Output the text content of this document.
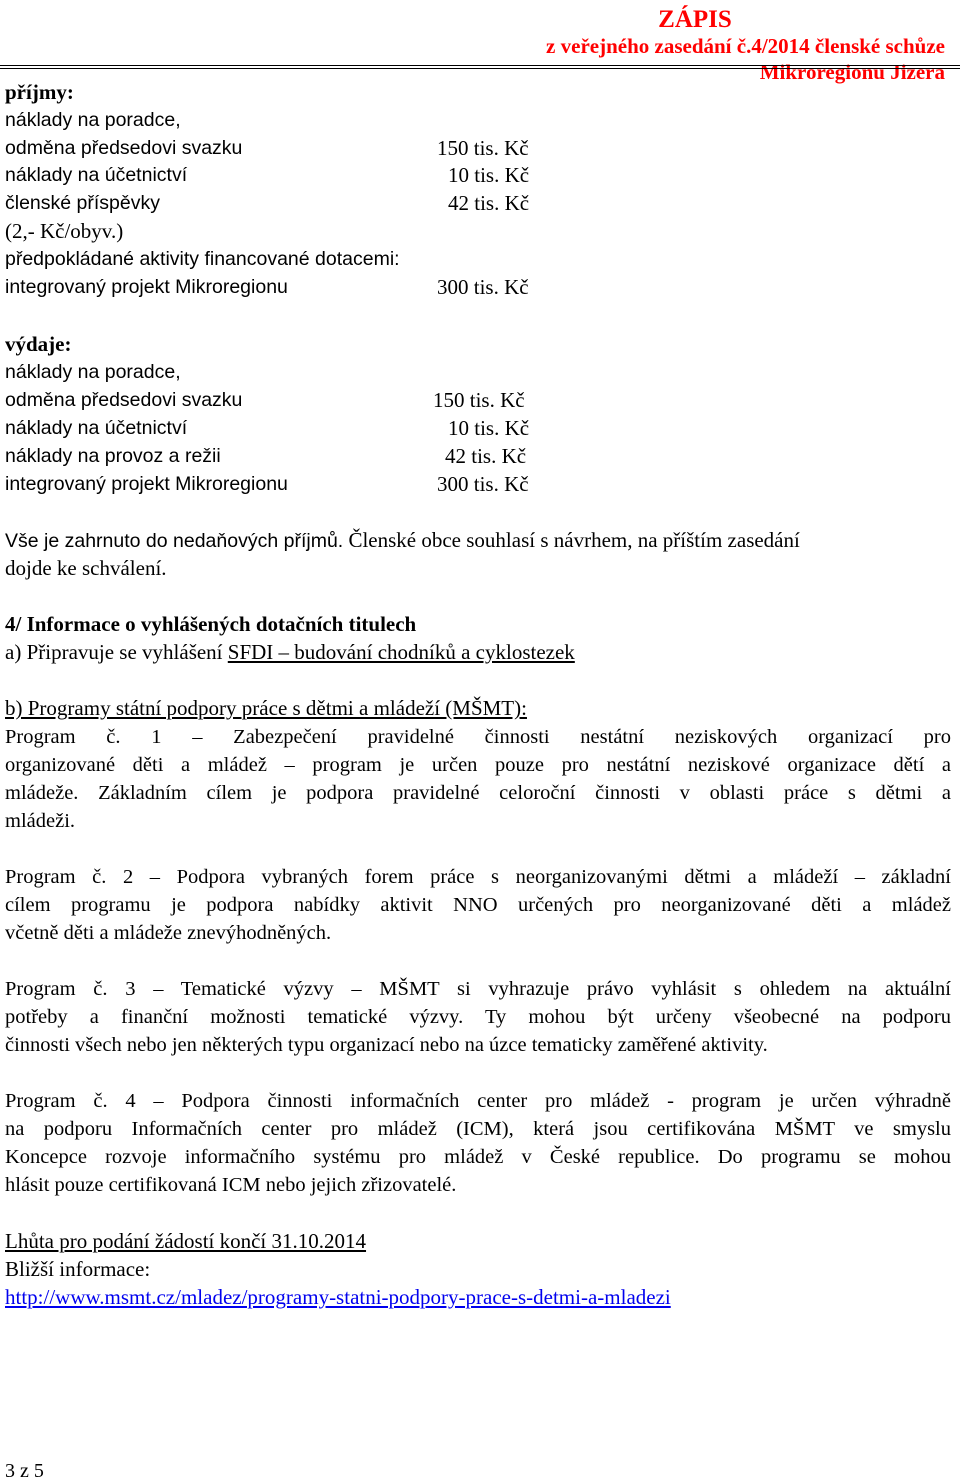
ZÁPIS
z veřejného zasedání č.4/2014 členské schůze Mikroregionu Jizera
příjmy:
náklady na poradce,
odměna předsedovi svazku
náklady na účetnictví
členské příspěvky
(2,- Kč/obyv.)
předpokládané aktivity financované dotacemi:
integrovaný projekt Mikroregionu
150 tis. Kč
10 tis. Kč
42 tis. Kč
300 tis. Kč
výdaje:
náklady na poradce,
odměna předsedovi svazku
náklady na účetnictví
náklady na provoz a režii
integrovaný projekt Mikroregionu
150 tis. Kč
10 tis. Kč
42 tis. Kč
300 tis. Kč
Vše je zahrnuto do nedaňových příjmů. Členské obce souhlasí s návrhem, na příštím zasedání
dojde ke schválení.
4/ Informace o vyhlášených dotačních titulech
a) Připravuje se vyhlášení SFDI – budování chodníků a cyklostezek
b) Programy státní podpory práce s dětmi a mládeží (MŠMT):
Program č. 1 – Zabezpečení pravidelné činnosti nestátní neziskových organizací pro
organizované děti a mládež – program je určen pouze pro nestátní neziskové organizace dětí a
mládeže. Základním cílem je podpora pravidelné celoroční činnosti v oblasti práce s dětmi a
mládeži.
Program č. 2 – Podpora vybraných forem práce s neorganizovanými dětmi a mládeží – základní
cílem programu je podpora nabídky aktivit NNO určených pro neorganizované děti a mládež
včetně děti a mládeže znevýhodněných.
Program č. 3 – Tematické výzvy – MŠMT si vyhrazuje právo vyhlásit s ohledem na aktuální
potřeby a finanční možnosti tematické výzvy. Ty mohou být určeny všeobecné na podporu
činnosti všech nebo jen některých typu organizací nebo na úzce tematicky zaměřené aktivity.
Program č. 4 – Podpora činnosti informačních center pro mládež - program je určen výhradně
na podporu Informačních center pro mládež (ICM), která jsou certifikována MŠMT ve smyslu
Koncepce rozvoje informačního systému pro mládež v České republice. Do programu se mohou
hlásit pouze certifikovaná ICM nebo jejich zřizovatelé.
Lhůta pro podání žádostí končí 31.10.2014
Bližší informace:
http://www.msmt.cz/mladez/programy-statni-podpory-prace-s-detmi-a-mladezi
3 z 5
